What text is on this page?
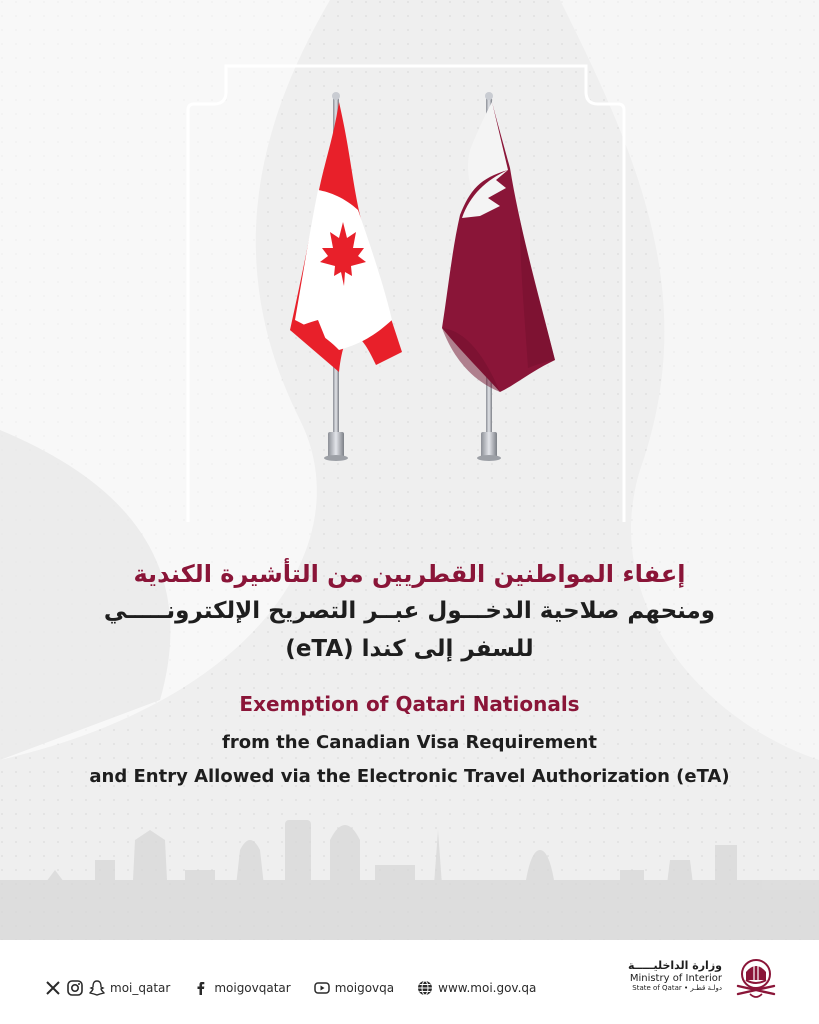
إعفاء المواطنين القطريين من التأشيرة الكندية
ومنحهم صلاحية الدخـــول عبــر التصريح الإلكترونـــــي
للسفر إلى كندا (eTA)
Exemption of Qatari Nationals
from the Canadian Visa Requirement
and Entry Allowed via the Electronic Travel Authorization (eTA)
moi_qatar	moigovqatar	moigovqa	www.moi.gov.qa
وزارة الداخليـــــة
Ministry of Interior
State of Qatar • دولـة قطـر
